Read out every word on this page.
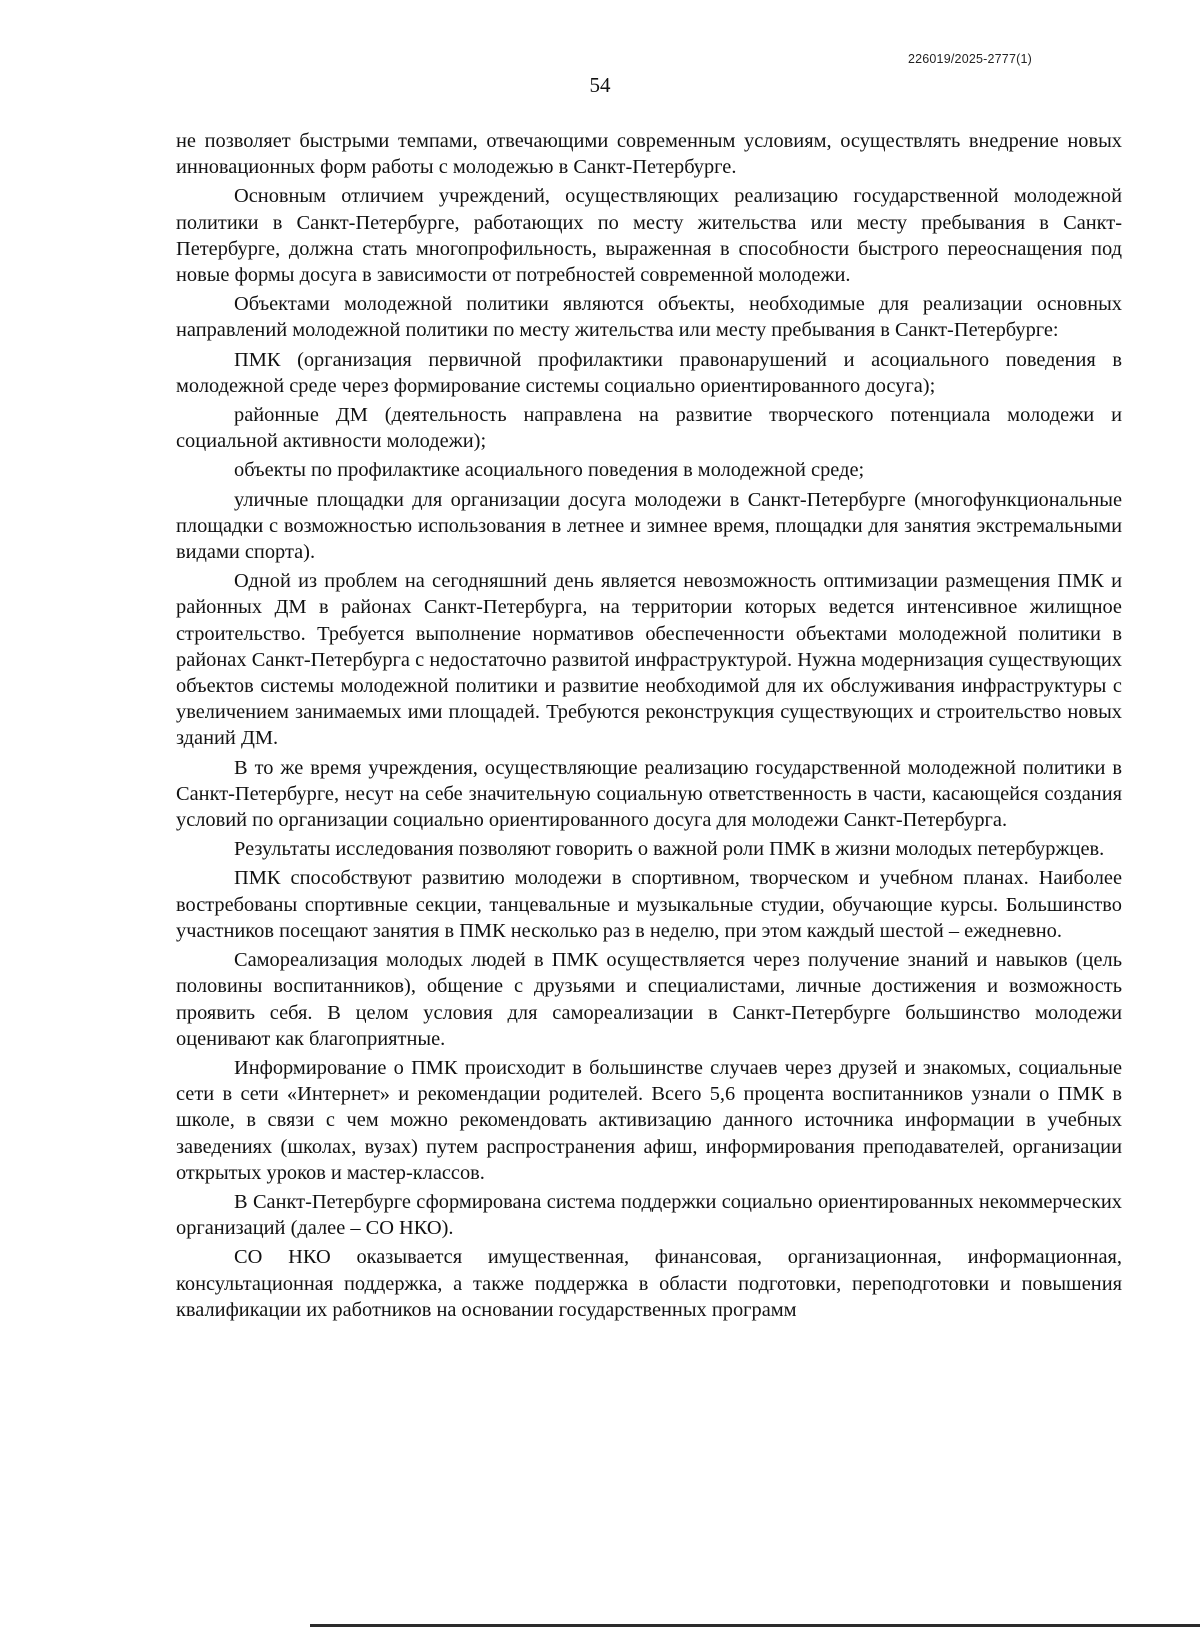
226019/2025-2777(1)
54

не позволяет быстрыми темпами, отвечающими современным условиям, осуществлять внедрение новых инновационных форм работы с молодежью в Санкт-Петербурге.

Основным отличием учреждений, осуществляющих реализацию государственной молодежной политики в Санкт-Петербурге, работающих по месту жительства или месту пребывания в Санкт-Петербурге, должна стать многопрофильность, выраженная в способности быстрого переоснащения под новые формы досуга в зависимости от потребностей современной молодежи.

Объектами молодежной политики являются объекты, необходимые для реализации основных направлений молодежной политики по месту жительства или месту пребывания в Санкт-Петербурге:

ПМК (организация первичной профилактики правонарушений и асоциального поведения в молодежной среде через формирование системы социально ориентированного досуга);

районные ДМ (деятельность направлена на развитие творческого потенциала молодежи и социальной активности молодежи);

объекты по профилактике асоциального поведения в молодежной среде;

уличные площадки для организации досуга молодежи в Санкт-Петербурге (многофункциональные площадки с возможностью использования в летнее и зимнее время, площадки для занятия экстремальными видами спорта).

Одной из проблем на сегодняшний день является невозможность оптимизации размещения ПМК и районных ДМ в районах Санкт-Петербурга, на территории которых ведется интенсивное жилищное строительство. Требуется выполнение нормативов обеспеченности объектами молодежной политики в районах Санкт-Петербурга с недостаточно развитой инфраструктурой. Нужна модернизация существующих объектов системы молодежной политики и развитие необходимой для их обслуживания инфраструктуры с увеличением занимаемых ими площадей. Требуются реконструкция существующих и строительство новых зданий ДМ.

В то же время учреждения, осуществляющие реализацию государственной молодежной политики в Санкт-Петербурге, несут на себе значительную социальную ответственность в части, касающейся создания условий по организации социально ориентированного досуга для молодежи Санкт-Петербурга.

Результаты исследования позволяют говорить о важной роли ПМК в жизни молодых петербуржцев.

ПМК способствуют развитию молодежи в спортивном, творческом и учебном планах. Наиболее востребованы спортивные секции, танцевальные и музыкальные студии, обучающие курсы. Большинство участников посещают занятия в ПМК несколько раз в неделю, при этом каждый шестой – ежедневно.

Самореализация молодых людей в ПМК осуществляется через получение знаний и навыков (цель половины воспитанников), общение с друзьями и специалистами, личные достижения и возможность проявить себя. В целом условия для самореализации в Санкт-Петербурге большинство молодежи оценивают как благоприятные.

Информирование о ПМК происходит в большинстве случаев через друзей и знакомых, социальные сети в сети «Интернет» и рекомендации родителей. Всего 5,6 процента воспитанников узнали о ПМК в школе, в связи с чем можно рекомендовать активизацию данного источника информации в учебных заведениях (школах, вузах) путем распространения афиш, информирования преподавателей, организации открытых уроков и мастер-классов.

В Санкт-Петербурге сформирована система поддержки социально ориентированных некоммерческих организаций (далее – СО НКО).

СО НКО оказывается имущественная, финансовая, организационная, информационная, консультационная поддержка, а также поддержка в области подготовки, переподготовки и повышения квалификации их работников на основании государственных программ
